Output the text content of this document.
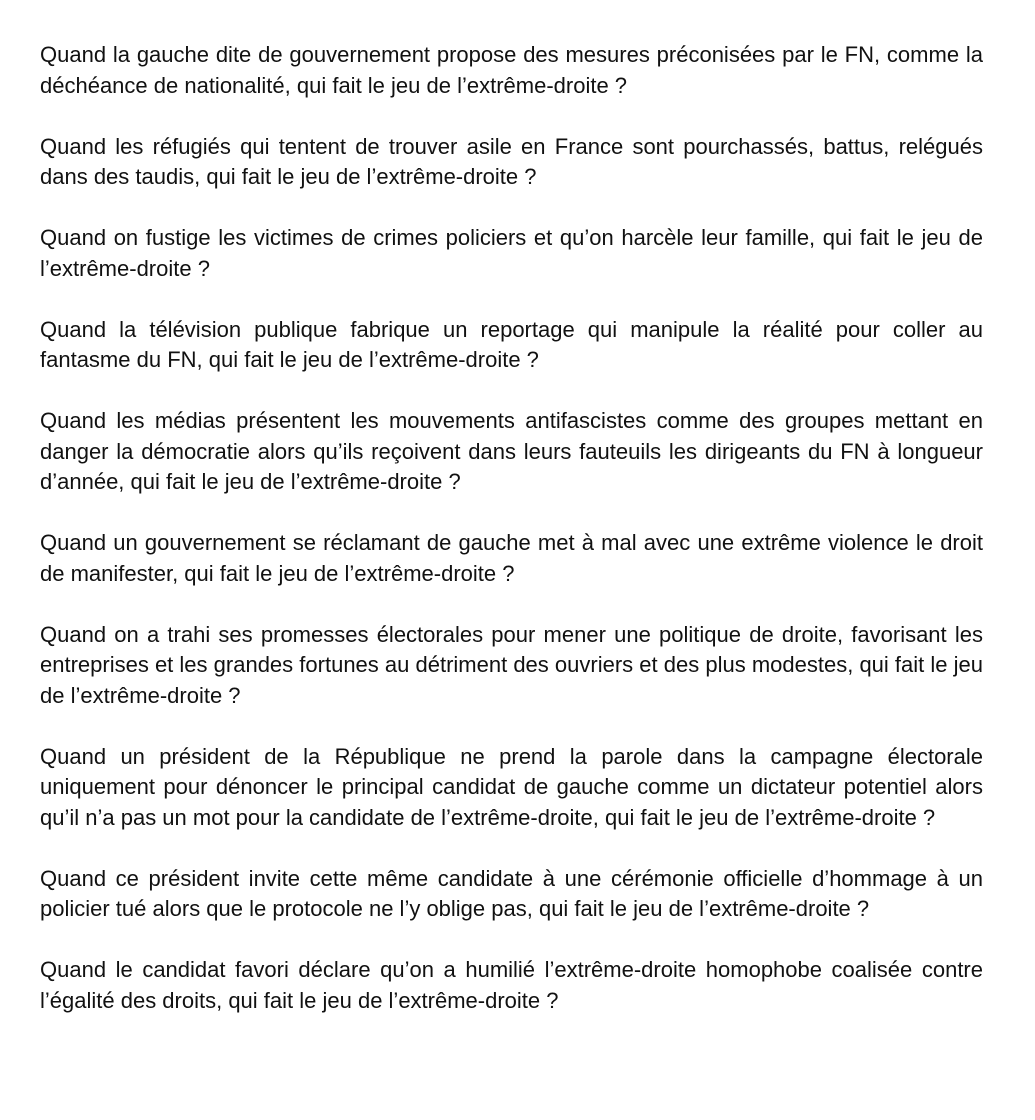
Quand la gauche dite de gouvernement propose des mesures préconisées par le FN, comme la déchéance de nationalité, qui fait le jeu de l’extrême-droite ?

Quand les réfugiés qui tentent de trouver asile en France sont pourchassés, battus, relégués dans des taudis, qui fait le jeu de l’extrême-droite ?

Quand on fustige les victimes de crimes policiers et qu’on harcèle leur famille, qui fait le jeu de l’extrême-droite ?

Quand la télévision publique fabrique un reportage qui manipule la réalité pour coller au fantasme du FN, qui fait le jeu de l’extrême-droite ?

Quand les médias présentent les mouvements antifascistes comme des groupes mettant en danger la démocratie alors qu’ils reçoivent dans leurs fauteuils les dirigeants du FN à longueur d’année, qui fait le jeu de l’extrême-droite ?

Quand un gouvernement se réclamant de gauche met à mal avec une extrême violence le droit de manifester, qui fait le jeu de l’extrême-droite ?

Quand on a trahi ses promesses électorales pour mener une politique de droite, favorisant les entreprises et les grandes fortunes au détriment des ouvriers et des plus modestes, qui fait le jeu de l’extrême-droite ?

Quand un président de la République ne prend la parole dans la campagne électorale uniquement pour dénoncer le principal candidat de gauche comme un dictateur potentiel alors qu’il n’a pas un mot pour la candidate de l’extrême-droite, qui fait le jeu de l’extrême-droite ?

Quand ce président invite cette même candidate à une cérémonie officielle d’hommage à un policier tué alors que le protocole ne l’y oblige pas, qui fait le jeu de l’extrême-droite ?

Quand le candidat favori déclare qu’on a humilié l’extrême-droite homophobe coalisée contre l’égalité des droits, qui fait le jeu de l’extrême-droite ?
